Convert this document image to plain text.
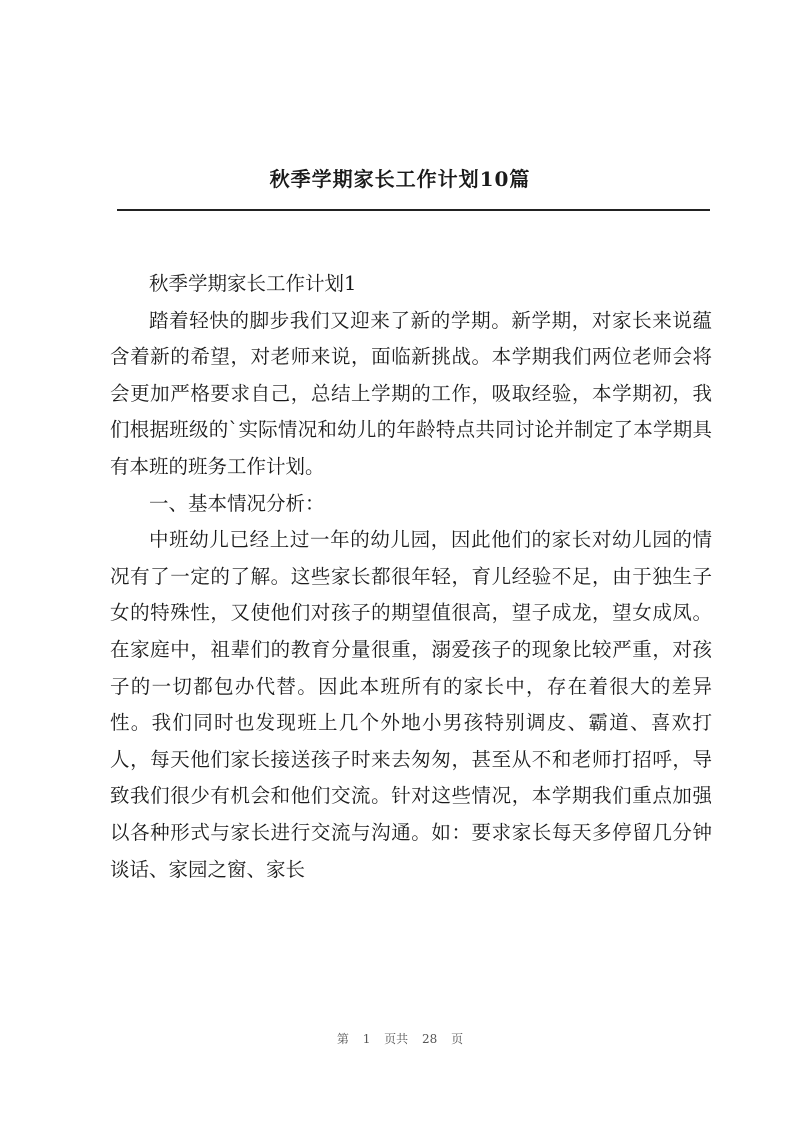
秋季学期家长工作计划10篇

秋季学期家长工作计划1

踏着轻快的脚步我们又迎来了新的学期。新学期，对家长来说蕴含着新的希望，对老师来说，面临新挑战。本学期我们两位老师会将会更加严格要求自己，总结上学期的工作，吸取经验，本学期初，我们根据班级的`实际情况和幼儿的年龄特点共同讨论并制定了本学期具有本班的班务工作计划。

一、基本情况分析：

中班幼儿已经上过一年的幼儿园，因此他们的家长对幼儿园的情况有了一定的了解。这些家长都很年轻，育儿经验不足，由于独生子女的特殊性，又使他们对孩子的期望值很高，望子成龙，望女成凤。在家庭中，祖辈们的教育分量很重，溺爱孩子的现象比较严重，对孩子的一切都包办代替。因此本班所有的家长中，存在着很大的差异性。我们同时也发现班上几个外地小男孩特别调皮、霸道、喜欢打人，每天他们家长接送孩子时来去匆匆，甚至从不和老师打招呼，导致我们很少有机会和他们交流。针对这些情况，本学期我们重点加强以各种形式与家长进行交流与沟通。如：要求家长每天多停留几分钟谈话、家园之窗、家长

第 1 页共 28 页
